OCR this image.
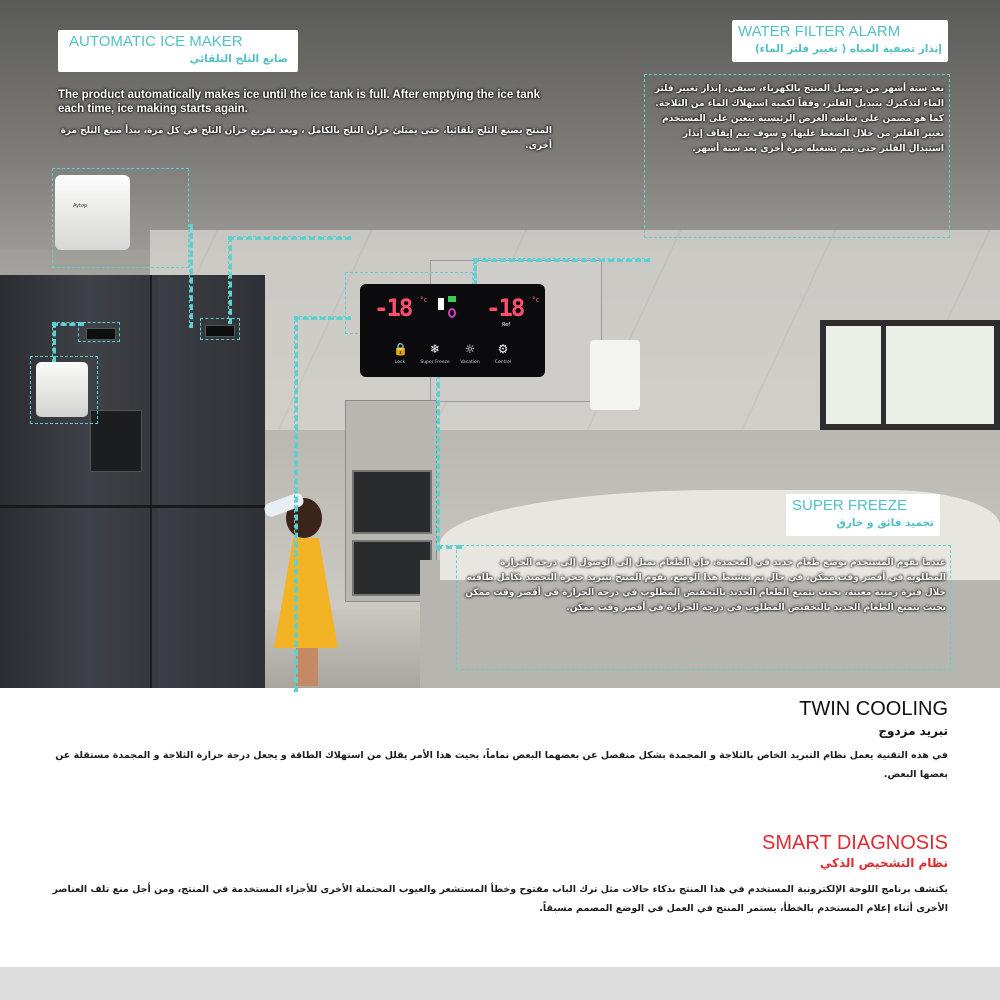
Aytop
-18 °c -18 °c
Ref
🔒
Lock
❄
Super Freeze
☼
Vacation
⚙
Control
AUTOMATIC ICE MAKER
صانع الثلج التلقائي
The product automatically makes ice until the ice tank is full. After emptying the ice tank each time, ice making starts again.
المنتج يصنع الثلج تلقائيا، حتى يمتلئ خزان الثلج بالكامل ، وبعد تفريغ خزان الثلج في كل مرة، يبدأ صنع الثلج مرة أخرى.
WATER FILTER ALARM
إنذار تصفية المياه ( تغيير فلتر الماء)
بعد ستة أشهر من توصيل المنتج بالكهرباء، سيفي، إنذار تغيير فلتر الماء لتذكيرك بتبديل الفلتر، وفقاً لكمية استهلاك الماء من الثلاجة. كما هو مضمن على شاشة العرض الرئيسية يتعين على المستخدم تغيير الفلتر من خلال الضغط عليها، و سوف يتم إيقاف إنذار استبدال الفلتر حتى يتم تشغيله مرة أخرى بعد ستة أشهر.
SUPER FREEZE
تجميد فائق و خارق
عندما يقوم المستخدم بوضع طعام جديد في المجمدة، فإن الطعام يميل إلى الوصول إلى درجة الحرارة المطلوبة في أقصر وقت ممكن، في حال تم تنشيط هذا الوضع، يقوم المنتج بتبريد حجرة التجميد بكامل طاقته خلال فترة زمنية معينة، بحيث يتمتع الطعام الجديد بالتخفيض المطلوب في درجة الحرارة في أقصر وقت ممكن بحيث يتمتع الطعام الجديد بالتخفيض المطلوب في درجة الحرارة في أقصر وقت ممكن.
TWIN COOLING
تبريد مزدوج
في هذه التقنية يعمل نظام التبريد الخاص بالثلاجة و المجمدة بشكل منفصل عن بعضهما البعض تماماً، بحيث هذا الأمر يقلل من استهلاك الطاقة و يجعل درجة حرارة الثلاجة و المجمدة مستقلة عن بعضها البعض.
SMART DIAGNOSIS
نظام التشخيص الذكي
يكتشف برنامج اللوحة الإلكترونية المستخدم في هذا المنتج بذكاء حالات مثل ترك الباب مفتوح وخطأ المستشعر والعيوب المحتملة الأخرى للأجزاء المستخدمة في المنتج، ومن أجل منع تلف العناصر الأخرى أثناء إعلام المستخدم بالخطأ، يستمر المنتج في العمل في الوضع المصمم مسبقاً.
